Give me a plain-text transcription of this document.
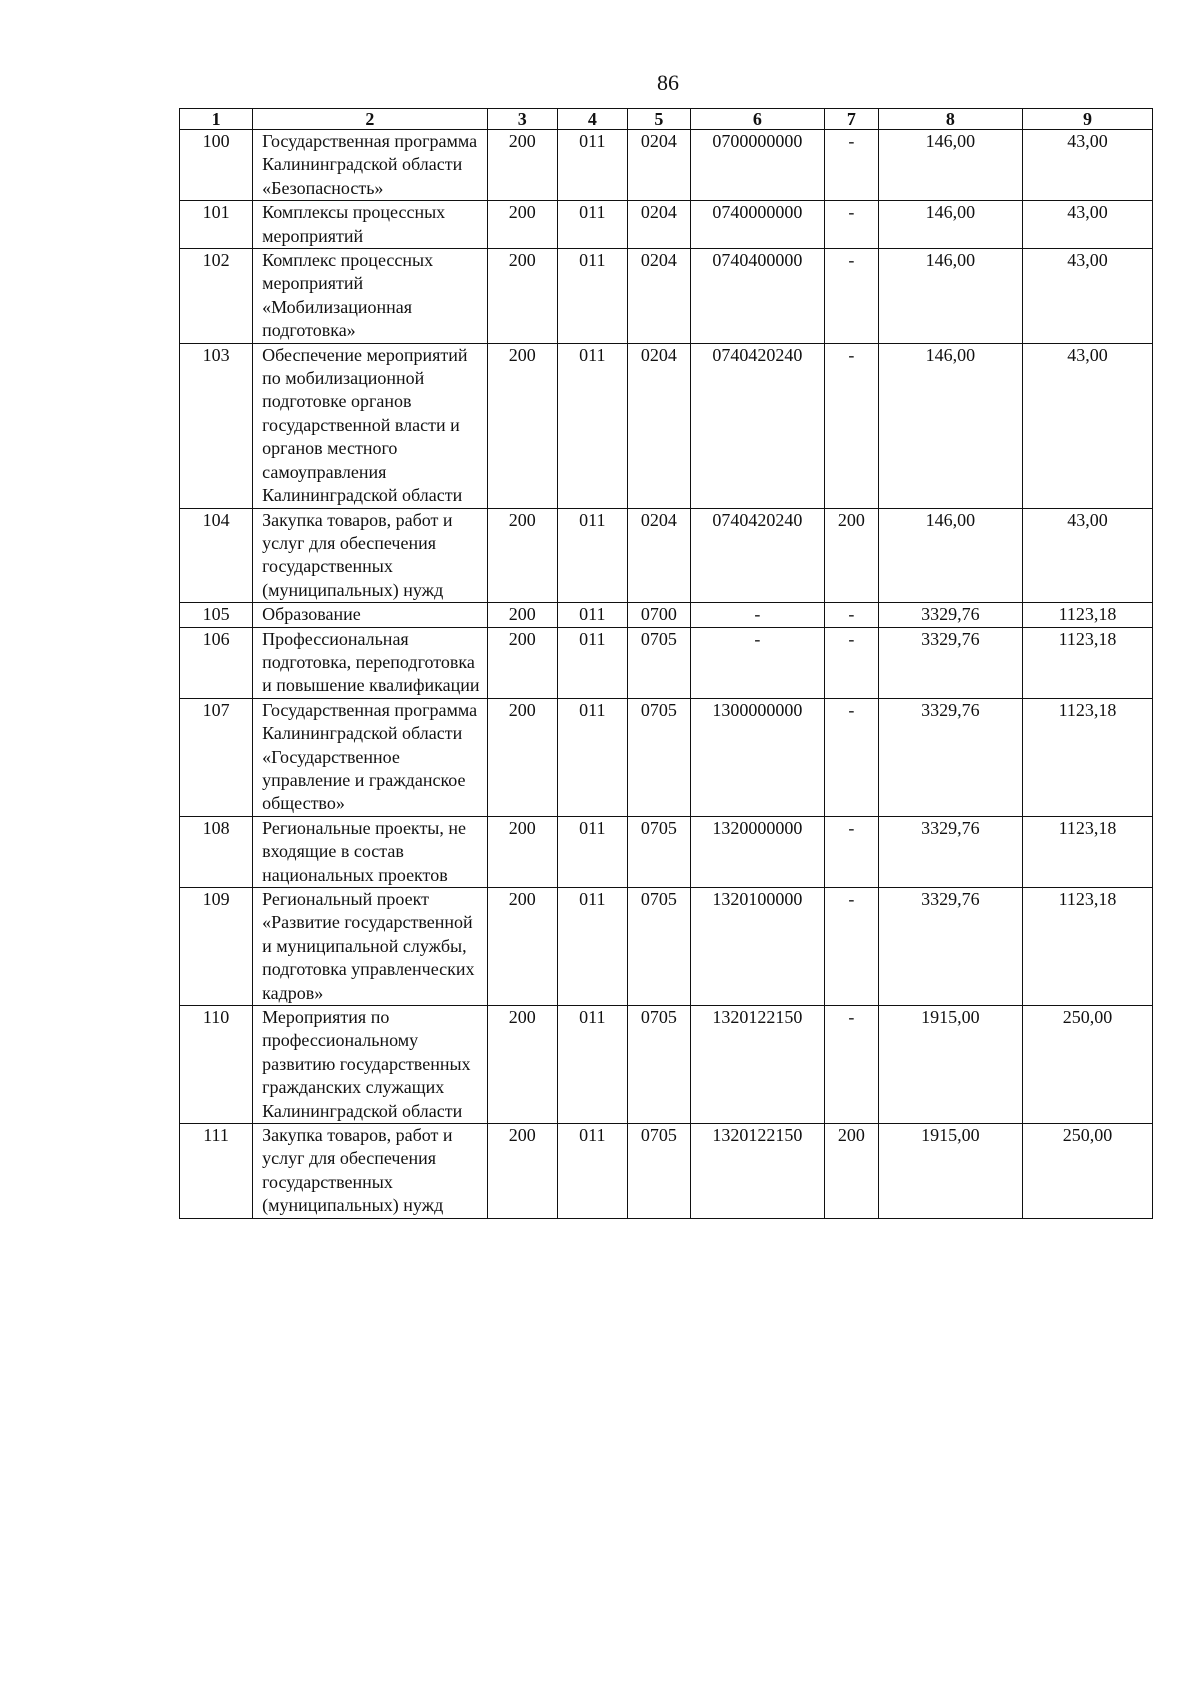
86
1	2	3	4	5	6	7	8	9
100	Государственная программа Калининградской области «Безопасность»	200	011	0204	0700000000	-	146,00	43,00
101	Комплексы процессных мероприятий	200	011	0204	0740000000	-	146,00	43,00
102	Комплекс процессных мероприятий «Мобилизационная подготовка»	200	011	0204	0740400000	-	146,00	43,00
103	Обеспечение мероприятий по мобилизационной подготовке органов государственной власти и органов местного самоуправления Калининградской области	200	011	0204	0740420240	-	146,00	43,00
104	Закупка товаров, работ и услуг для обеспечения государственных (муниципальных) нужд	200	011	0204	0740420240	200	146,00	43,00
105	Образование	200	011	0700	-	-	3329,76	1123,18
106	Профессиональная подготовка, переподготовка и повышение квалификации	200	011	0705	-	-	3329,76	1123,18
107	Государственная программа Калининградской области «Государственное управление и гражданское общество»	200	011	0705	1300000000	-	3329,76	1123,18
108	Региональные проекты, не входящие в состав национальных проектов	200	011	0705	1320000000	-	3329,76	1123,18
109	Региональный проект «Развитие государственной и муниципальной службы, подготовка управленческих кадров»	200	011	0705	1320100000	-	3329,76	1123,18
110	Мероприятия по профессиональному развитию государственных гражданских служащих Калининградской области	200	011	0705	1320122150	-	1915,00	250,00
111	Закупка товаров, работ и услуг для обеспечения государственных (муниципальных) нужд	200	011	0705	1320122150	200	1915,00	250,00
